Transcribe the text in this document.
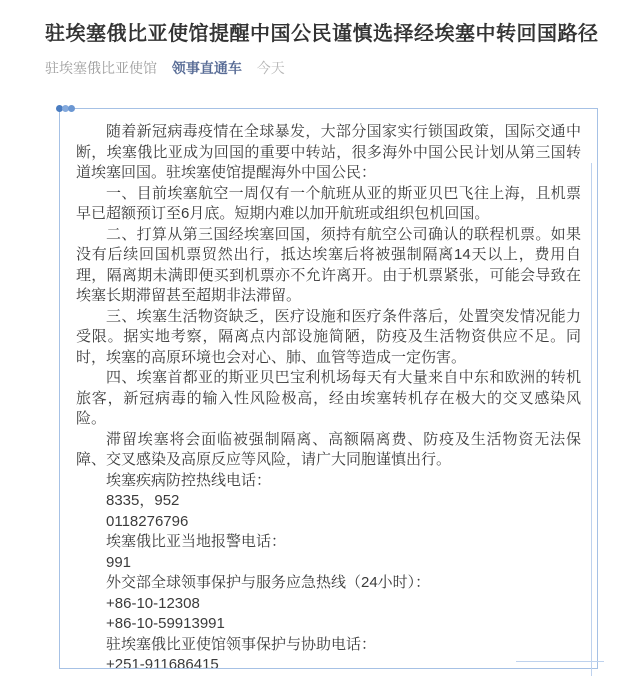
驻埃塞俄比亚使馆提醒中国公民谨慎选择经埃塞中转回国路径
驻埃塞俄比亚使馆 领事直通车 今天

随着新冠病毒疫情在全球暴发，大部分国家实行锁国政策，国际交通中断，埃塞俄比亚成为回国的重要中转站，很多海外中国公民计划从第三国转道埃塞回国。驻埃塞使馆提醒海外中国公民：

一、目前埃塞航空一周仅有一个航班从亚的斯亚贝巴飞往上海，且机票早已超额预订至6月底。短期内难以加开航班或组织包机回国。

二、打算从第三国经埃塞回国，须持有航空公司确认的联程机票。如果没有后续回国机票贸然出行，抵达埃塞后将被强制隔离14天以上，费用自理，隔离期未满即便买到机票亦不允许离开。由于机票紧张，可能会导致在埃塞长期滞留甚至超期非法滞留。

三、埃塞生活物资缺乏，医疗设施和医疗条件落后，处置突发情况能力受限。据实地考察，隔离点内部设施简陋，防疫及生活物资供应不足。同时，埃塞的高原环境也会对心、肺、血管等造成一定伤害。

四、埃塞首都亚的斯亚贝巴宝利机场每天有大量来自中东和欧洲的转机旅客，新冠病毒的输入性风险极高，经由埃塞转机存在极大的交叉感染风险。

滞留埃塞将会面临被强制隔离、高额隔离费、防疫及生活物资无法保障、交叉感染及高原反应等风险，请广大同胞谨慎出行。

埃塞疾病防控热线电话：
8335，952
0118276796
埃塞俄比亚当地报警电话：
991
外交部全球领事保护与服务应急热线（24小时）：
+86-10-12308
+86-10-59913991
驻埃塞俄比亚使馆领事保护与协助电话：
+251-911686415
